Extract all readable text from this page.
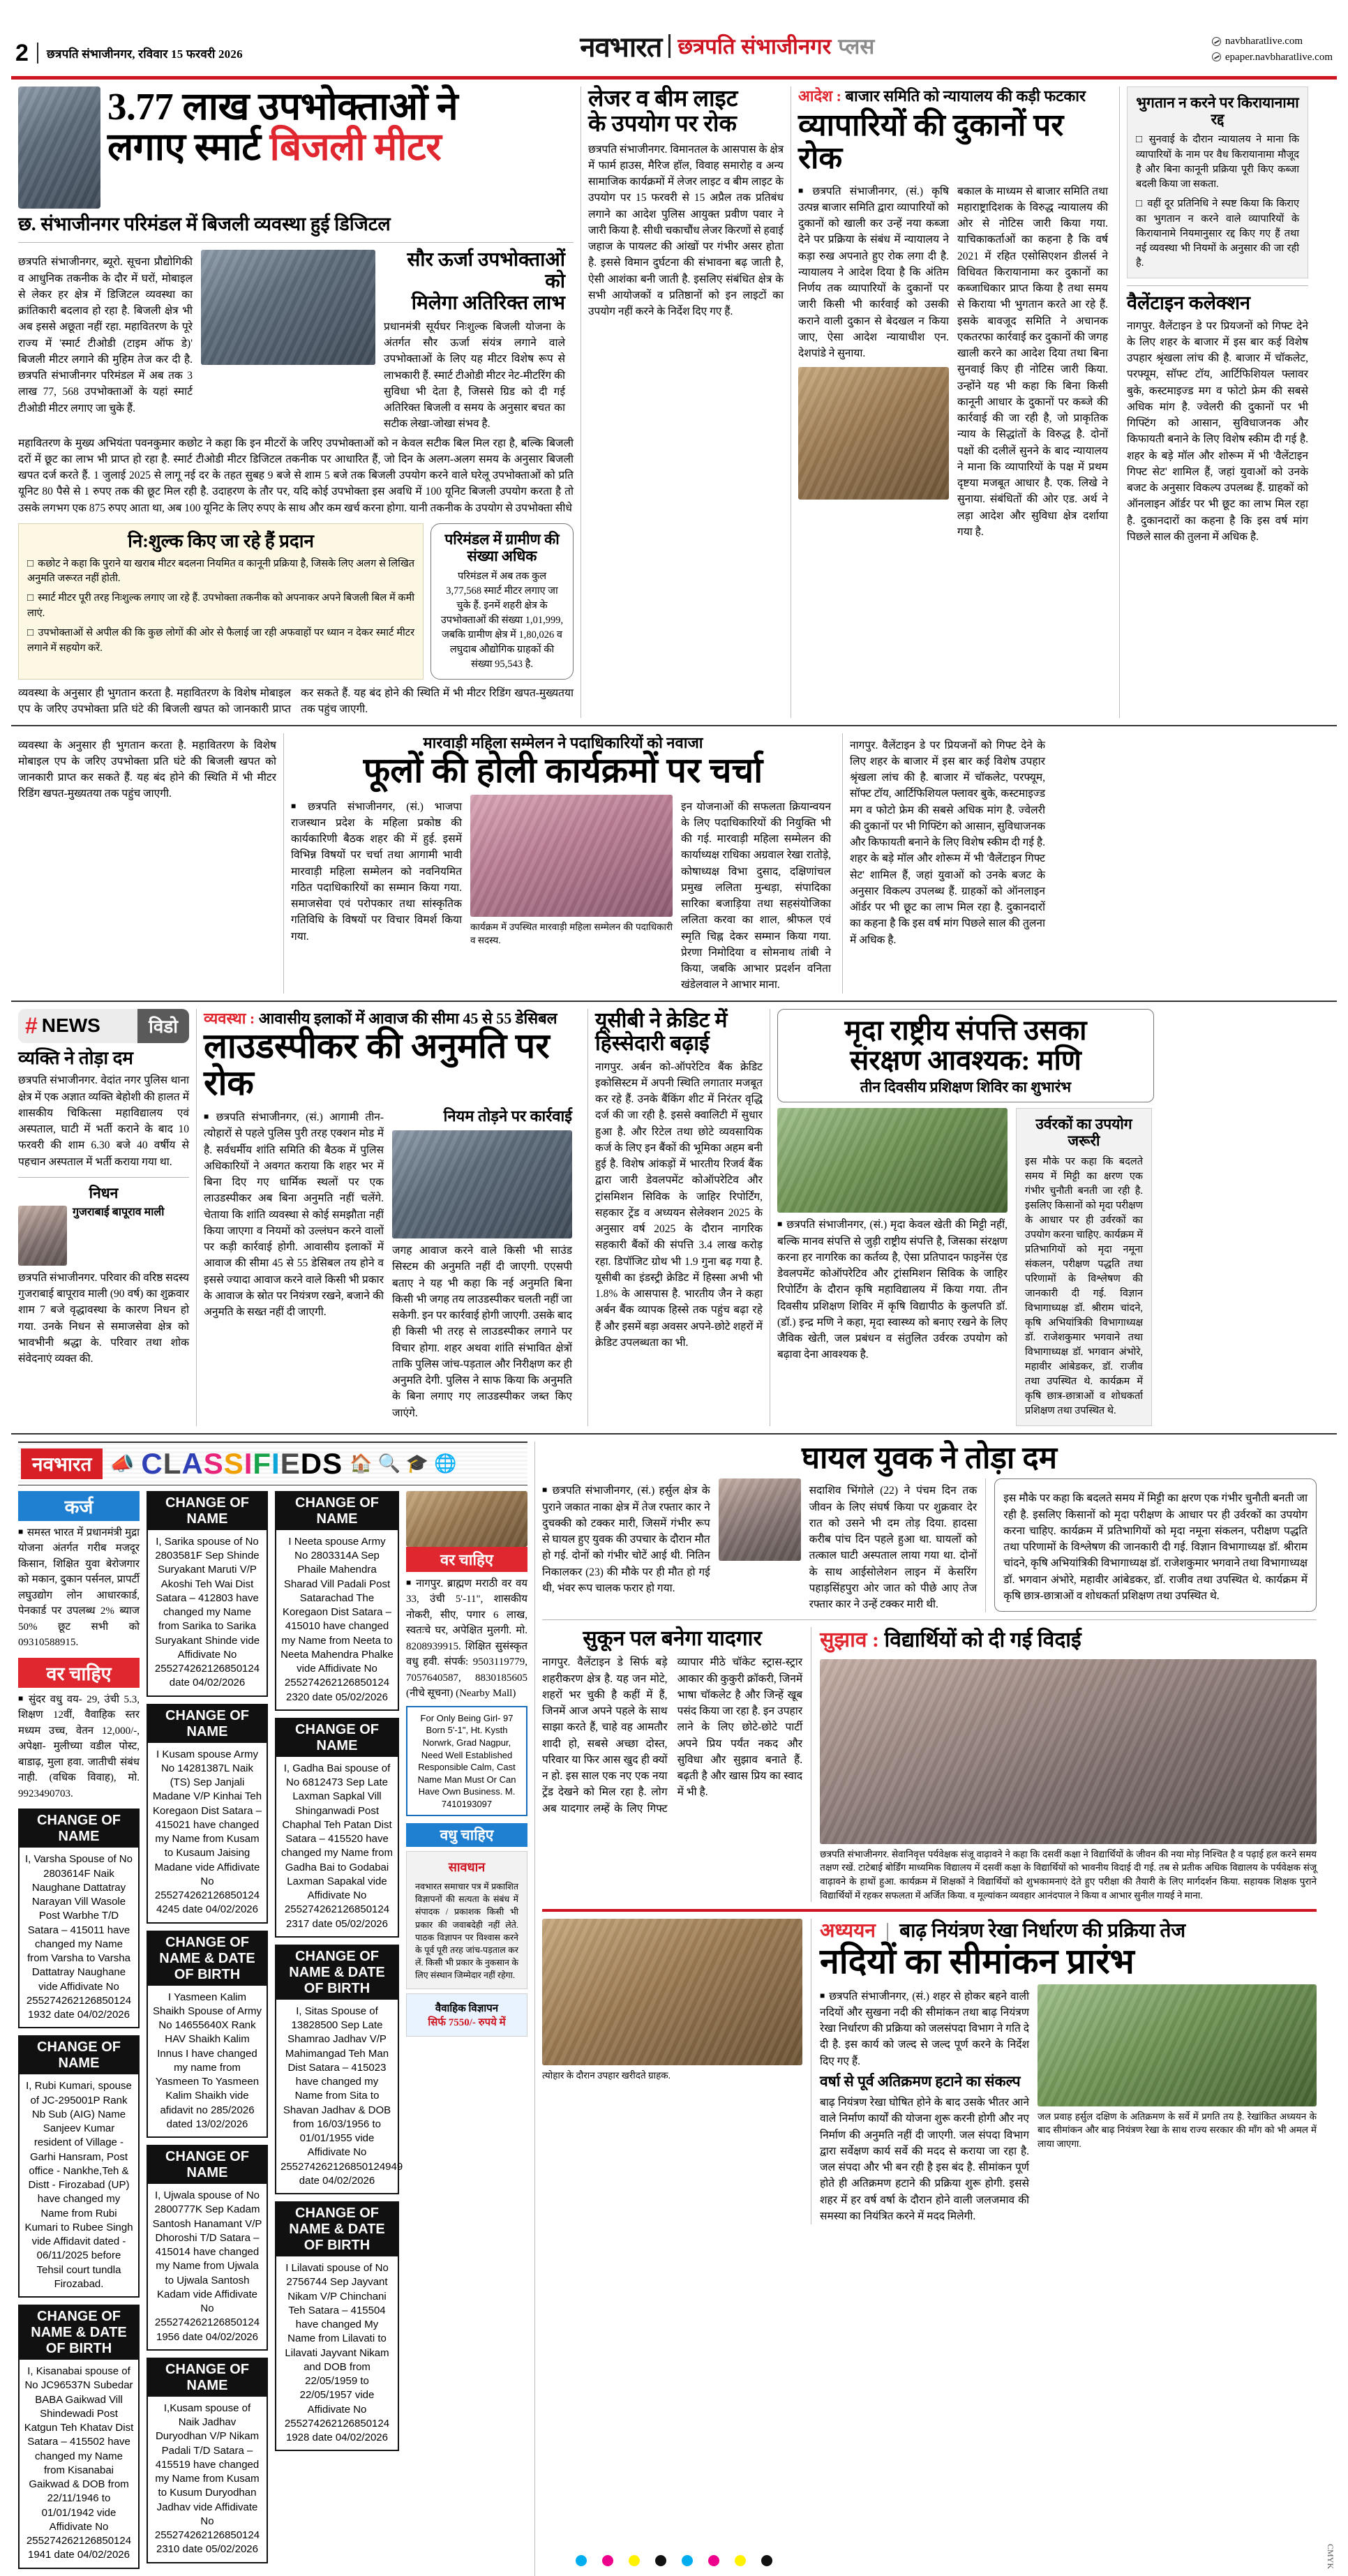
2 छत्रपति संभाजीनगर, रविवार 15 फरवरी 2026	नवभारत छत्रपति संभाजीनगर प्लस	navbharatlive.com
epaper.navbharatlive.com
3.77 लाख उपभोक्ताओं ने
लगाए स्मार्ट बिजली मीटर
छ. संभाजीनगर परिमंडल में बिजली व्यवस्था हुई डिजिटल
छत्रपति संभाजीनगर, ब्यूरो. सूचना प्रौद्योगिकी व आधुनिक तकनीक के दौर में घरों, मोबाइल से लेकर हर क्षेत्र में डिजिटल व्यवस्था का क्रांतिकारी बदलाव हो रहा है. बिजली क्षेत्र भी अब इससे अछूता नहीं रहा. महावितरण के पूरे राज्य में 'स्मार्ट टीओडी (टाइम ऑफ डे)' बिजली मीटर लगाने की मुहिम तेज कर दी है. छत्रपति संभाजीनगर परिमंडल में अब तक 3 लाख 77, 568 उपभोक्ताओं के यहां स्मार्ट टीओडी मीटर लगाए जा चुके हैं.
सौर ऊर्जा उपभोक्ताओं को
मिलेगा अतिरिक्त लाभ
प्रधानमंत्री सूर्यघर निःशुल्क बिजली योजना के अंतर्गत सौर ऊर्जा संयंत्र लगाने वाले उपभोक्ताओं के लिए यह मीटर विशेष रूप से लाभकारी हैं. स्मार्ट टीओडी मीटर नेट-मीटरिंग की सुविधा भी देता है, जिससे ग्रिड को दी गई अतिरिक्त बिजली व समय के अनुसार बचत का सटीक लेखा-जोखा संभव है.
महावितरण के मुख्य अभियंता पवनकुमार कछोट ने कहा कि इन मीटरों के जरिए उपभोक्ताओं को न केवल सटीक बिल मिल रहा है, बल्कि बिजली दरों में छूट का लाभ भी प्राप्त हो रहा है. स्मार्ट टीओडी मीटर डिजिटल तकनीक पर आधारित हैं, जो दिन के अलग-अलग समय के अनुसार बिजली खपत दर्ज करते हैं. 1 जुलाई 2025 से लागू नई दर के तहत सुबह 9 बजे से शाम 5 बजे तक बिजली उपयोग करने वाले घरेलू उपभोक्ताओं को प्रति यूनिट 80 पैसे से 1 रुपए तक की छूट मिल रही है. उदाहरण के तौर पर, यदि कोई उपभोक्ता इस अवधि में 100 यूनिट बिजली उपयोग करता है तो उसके लगभग एक 875 रुपए आता था, अब 100 यूनिट के लिए रुपए के साथ और कम खर्च करना होगा. यानी तकनीक के उपयोग से उपभोक्ता सीधे
नि:शुल्क किए जा रहे हैं प्रदान
□ कछोट ने कहा कि पुराने या खराब मीटर बदलना नियमित व कानूनी प्रक्रिया है, जिसके लिए अलग से लिखित अनुमति जरूरत नहीं होती.
□ स्मार्ट मीटर पूरी तरह निःशुल्क लगाए जा रहे हैं. उपभोक्ता तकनीक को अपनाकर अपने बिजली बिल में कमी लाएं.
□ उपभोक्ताओं से अपील की कि कुछ लोगों की ओर से फैलाई जा रही अफवाहों पर ध्यान न देकर स्मार्ट मीटर लगाने में सहयोग करें.
परिमंडल में ग्रामीण की संख्या अधिक
परिमंडल में अब तक कुल 3,77,568 स्मार्ट मीटर लगाए जा चुके हैं. इनमें शहरी क्षेत्र के उपभोक्ताओं की संख्या 1,01,999, जबकि ग्रामीण क्षेत्र में 1,80,026 व लघुदाब औद्योगिक ग्राहकों की संख्या 95,543 है.
व्यवस्था के अनुसार ही भुगतान करता है. महावितरण के विशेष मोबाइल एप के जरिए उपभोक्ता प्रति घंटे की बिजली खपत को जानकारी प्राप्त कर सकते हैं. यह बंद होने की स्थिति में भी मीटर रिडिंग खपत-मुख्यतया तक पहुंच जाएगी.
लेजर व बीम लाइट
के उपयोग पर रोक
छत्रपति संभाजीनगर. विमानतल के आसपास के क्षेत्र में फार्म हाउस, मैरिज हॉल, विवाह समारोह व अन्य सामाजिक कार्यक्रमों में लेजर लाइट व बीम लाइट के उपयोग पर 15 फरवरी से 15 अप्रैल तक प्रतिबंध लगाने का आदेश पुलिस आयुक्त प्रवीण पवार ने जारी किया है. सीधी चकाचौंध लेजर किरणों से हवाई जहाज के पायलट की आंखों पर गंभीर असर होता है. इससे विमान दुर्घटना की संभावना बढ़ जाती है, ऐसी आशंका बनी जाती है. इसलिए संबंधित क्षेत्र के सभी आयोजकों व प्रतिष्ठानों को इन लाइटों का उपयोग नहीं करने के निर्देश दिए गए हैं.
आदेश : बाजार समिति को न्यायालय की कड़ी फटकार
व्यापारियों की दुकानों पर रोक
■ छत्रपति संभाजीनगर, (सं.) कृषि उत्पन्न बाजार समिति द्वारा व्यापारियों को दुकानों को खाली कर उन्हें नया कब्जा देने पर प्रक्रिया के संबंध में न्यायालय ने कड़ा रुख अपनाते हुए रोक लगा दी है. न्यायालय ने आदेश दिया है कि अंतिम निर्णय तक व्यापारियों के दुकानों पर जारी किसी भी कार्रवाई को उसकी कराने वाली दुकान से बेदखल न किया जाए, ऐसा आदेश न्यायाधीश एन. देशपांडे ने सुनाया.
बकाल के माध्यम से बाजार समिति तथा महाराष्ट्रादिशक के विरुद्ध न्यायालय की ओर से नोटिस जारी किया गया. याचिकाकर्ताओं का कहना है कि वर्ष 2021 में रहित एसोसिएशन डीलर्स ने विधिवत किरायानामा कर दुकानों का कब्जाधिकार प्राप्त किया है तथा समय से किराया भी भुगतान करते आ रहे हैं. इसके बावजूद समिति ने अचानक एकतरफा कार्रवाई कर दुकानों की जगह खाली करने का आदेश दिया तथा बिना सुनवाई किए ही नोटिस जारी किया. उन्होंने यह भी कहा कि बिना किसी कानूनी आधार के दुकानों पर कब्जे की कार्रवाई की जा रही है, जो प्राकृतिक न्याय के सिद्धांतों के विरुद्ध है. दोनों पक्षों की दलीलें सुनने के बाद न्यायालय ने माना कि व्यापारियों के पक्ष में प्रथम दृष्टया मजबूत आधार है. एक. लिखे ने सुनाया. संबंधितों की ओर एड. अर्थ ने लड़ा आदेश और सुविधा क्षेत्र दर्शाया गया है.
भुगतान न करने पर किरायानामा रद्द
□ सुनवाई के दौरान न्यायालय ने माना कि व्यापारियों के नाम पर वैध किरायानामा मौजूद है और बिना कानूनी प्रक्रिया पूरी किए कब्जा बदली किया जा सकता.
□ वहीं दूर प्रतिनिधि ने स्पष्ट किया कि किराए का भुगतान न करने वाले व्यापारियों के किरायानामे नियमानुसार रद्द किए गए हैं तथा नई व्यवस्था भी नियमों के अनुसार की जा रही है.
वैलेंटाइन कलेक्शन
नागपुर. वैलेंटाइन डे पर प्रियजनों को गिफ्ट देने के लिए शहर के बाजार में इस बार कई विशेष उपहार श्रृंखला लांच की है. बाजार में चॉकलेट, परफ्यूम, सॉफ्ट टॉय, आर्टिफिशियल फ्लावर बुके, कस्टमाइज्ड मग व फोटो फ्रेम की सबसे अधिक मांग है. ज्वेलरी की दुकानों पर भी गिफ्टिंग को आसान, सुविधाजनक और किफायती बनाने के लिए विशेष स्कीम दी गई है. शहर के बड़े मॉल और शोरूम में भी 'वैलेंटाइन गिफ्ट सेट' शामिल हैं, जहां युवाओं को उनके बजट के अनुसार विकल्प उपलब्ध हैं. ग्राहकों को ऑनलाइन ऑर्डर पर भी छूट का लाभ मिल रहा है. दुकानदारों का कहना है कि इस वर्ष मांग पिछले साल की तुलना में अधिक है.
व्यवस्था के अनुसार ही भुगतान करता है. महावितरण के विशेष मोबाइल एप के जरिए उपभोक्ता प्रति घंटे की बिजली खपत को जानकारी प्राप्त कर सकते हैं. यह बंद होने की स्थिति में भी मीटर रिडिंग खपत-मुख्यतया तक पहुंच जाएगी.
मारवाड़ी महिला सम्मेलन ने पदाधिकारियों को नवाजा
फूलों की होली कार्यक्रमों पर चर्चा
■ छत्रपति संभाजीनगर, (सं.) भाजपा राजस्थान प्रदेश के महिला प्रकोष्ठ की कार्यकारिणी बैठक शहर की में हुई. इसमें विभिन्न विषयों पर चर्चा तथा आगामी भावी मारवाड़ी महिला सम्मेलन को नवनियमित गठित पदाधिकारियों का सम्मान किया गया. समाजसेवा एवं परोपकार तथा सांस्कृतिक गतिविधि के विषयों पर विचार विमर्श किया गया.
कार्यक्रम में उपस्थित मारवाड़ी महिला सम्मेलन की पदाधिकारी व सदस्य.
इन योजनाओं की सफलता क्रियान्वयन के लिए पदाधिकारियों की नियुक्ति भी की गई. मारवाड़ी महिला सम्मेलन की कार्याध्यक्ष राधिका अग्रवाल रेखा रातोड़े, कोषाध्यक्ष विभा दुसाद, दक्षिणांचल प्रमुख ललिता मुन्धड़ा, संपादिका सारिका बजाड़िया तथा सहसंयोजिका ललिता करवा का शाल, श्रीफल एवं स्मृति चिह्न देकर सम्मान किया गया. प्रेरणा निमोदिया व सोमनाथ तांबी ने किया, जबकि आभार प्रदर्शन वनिता खंडेलवाल ने आभार माना.
नागपुर. वैलेंटाइन डे पर प्रियजनों को गिफ्ट देने के लिए शहर के बाजार में इस बार कई विशेष उपहार श्रृंखला लांच की है. बाजार में चॉकलेट, परफ्यूम, सॉफ्ट टॉय, आर्टिफिशियल फ्लावर बुके, कस्टमाइज्ड मग व फोटो फ्रेम की सबसे अधिक मांग है. ज्वेलरी की दुकानों पर भी गिफ्टिंग को आसान, सुविधाजनक और किफायती बनाने के लिए विशेष स्कीम दी गई है. शहर के बड़े मॉल और शोरूम में भी 'वैलेंटाइन गिफ्ट सेट' शामिल हैं, जहां युवाओं को उनके बजट के अनुसार विकल्प उपलब्ध हैं. ग्राहकों को ऑनलाइन ऑर्डर पर भी छूट का लाभ मिल रहा है. दुकानदारों का कहना है कि इस वर्ष मांग पिछले साल की तुलना में अधिक है.
# NEWS	विडो
व्यक्ति ने तोड़ा दम
छत्रपति संभाजीनगर. वेदांत नगर पुलिस थाना क्षेत्र में एक अज्ञात व्यक्ति बेहोशी की हालत में शासकीय चिकित्सा महाविद्यालय एवं अस्पताल, घाटी में भर्ती कराने के बाद 10 फरवरी की शाम 6.30 बजे 40 वर्षीय से पहचान अस्पताल में भर्ती कराया गया था.
निधन
गुजराबाई बापूराव माली
छत्रपति संभाजीनगर. परिवार की वरिष्ठ सदस्य गुजराबाई बापूराव माली (90 वर्ष) का शुक्रवार शाम 7 बजे वृद्धावस्था के कारण निधन हो गया. उनके निधन से समाजसेवा क्षेत्र को भावभीनी श्रद्धा के. परिवार तथा शोक संवेदनाएं व्यक्त की.
व्यवस्था : आवासीय इलाकों में आवाज की सीमा 45 से 55 डेसिबल
लाउडस्पीकर की अनुमति पर रोक
■ छत्रपति संभाजीनगर, (सं.) आगामी तीन-त्योहारों से पहले पुलिस पुरी तरह एक्शन मोड में है. सर्वधर्मीय शांति समिति की बैठक में पुलिस अधिकारियों ने अवगत कराया कि शहर भर में बिना दिए गए धार्मिक स्थलों पर एक लाउडस्पीकर अब बिना अनुमति नहीं चलेंगे. चेताया कि शांति व्यवस्था से कोई समझौता नहीं किया जाएगा व नियमों को उल्लंघन करने वालों पर कड़ी कार्रवाई होगी. आवासीय इलाकों में आवाज की सीमा 45 से 55 डेसिबल तय होने व इससे ज्यादा आवाज करने वाले किसी भी प्रकार के आवाज के स्रोत पर नियंत्रण रखने, बजाने की अनुमति के सख्त नहीं दी जाएगी.
नियम तोड़ने पर कार्रवाई
जगह आवाज करने वाले किसी भी साउंड सिस्टम की अनुमति नहीं दी जाएगी. एएसपी बताए ने यह भी कहा कि नई अनुमति बिना किसी भी जगह तय लाउडस्पीकर चलती नहीं जा सकेगी. इन पर कार्रवाई होगी जाएगी. उसके बाद ही किसी भी तरह से लाउडस्पीकर लगाने पर विचार होगा. शहर अथवा शांति संभावित क्षेत्रों ताकि पुलिस जांच-पड़ताल और निरीक्षण कर ही अनुमति देगी. पुलिस ने साफ किया कि अनुमति के बिना लगाए गए लाउडस्पीकर जब्त किए जाएंगे.
यूसीबी ने क्रेडिट में
हिस्सेदारी बढ़ाई
नागपुर. अर्बन को-ऑपरेटिव बैंक क्रेडिट इकोसिस्टम में अपनी स्थिति लगातार मजबूत कर रहे हैं. उनके बैंकिंग शीट में निरंतर वृद्धि दर्ज की जा रही है. इससे क्वालिटी में सुधार हुआ है. और रिटेल तथा छोटे व्यवसायिक कर्ज के लिए इन बैंकों की भूमिका अहम बनी हुई है. विशेष आंकड़ों में भारतीय रिजर्व बैंक द्वारा जारी डेवलपमेंट कोऑपरेटिव और ट्रांसमिशन सिविक के जाहिर रिपोर्टिंग, सहकार ट्रेंड व अध्ययन सेलेक्शन 2025 के अनुसार वर्ष 2025 के दौरान नागरिक सहकारी बैंकों की संपत्ति 3.4 लाख करोड़ रहा. डिपॉजिट ग्रोथ भी 1.9 गुना बढ़ गया है. यूसीबी का इंडस्ट्री क्रेडिट में हिस्सा अभी भी 1.8% के आसपास है. भारतीय जैन ने कहा अर्बन बैंक व्यापक हिस्से तक पहुंच बढ़ा रहे हैं और इसमें बड़ा अवसर अपने-छोटे शहरों में क्रेडिट उपलब्धता का भी.
मृदा राष्ट्रीय संपत्ति उसका
संरक्षण आवश्यक: मणि
तीन दिवसीय प्रशिक्षण शिविर का शुभारंभ
■ छत्रपति संभाजीनगर, (सं.) मृदा केवल खेती की मिट्टी नहीं, बल्कि मानव संपत्ति से जुड़ी राष्ट्रीय संपत्ति है, जिसका संरक्षण करना हर नागरिक का कर्तव्य है, ऐसा प्रतिपादन फाइनेंस एंड डेवलपमेंट कोऑपरेटिव और ट्रांसमिशन सिविक के जाहिर रिपोर्टिंग के दौरान कृषि महाविद्यालय में किया गया. तीन दिवसीय प्रशिक्षण शिविर में कृषि विद्यापीठ के कुलपति डॉ. (डॉ.) इन्द्र मणि ने कहा, मृदा स्वास्थ्य को बनाए रखने के लिए जैविक खेती, जल प्रबंधन व संतुलित उर्वरक उपयोग को बढ़ावा देना आवश्यक है.
उर्वरकों का उपयोग जरूरी
इस मौके पर कहा कि बदलते समय में मिट्टी का क्षरण एक गंभीर चुनौती बनती जा रही है. इसलिए किसानों को मृदा परीक्षण के आधार पर ही उर्वरकों का उपयोग करना चाहिए. कार्यक्रम में प्रतिभागियों को मृदा नमूना संकलन, परीक्षण पद्धति तथा परिणामों के विश्लेषण की जानकारी दी गई. विज्ञान विभागाध्यक्ष डॉ. श्रीराम चांदने, कृषि अभियांत्रिकी विभागाध्यक्ष डॉ. राजेशकुमार भगवाने तथा विभागाध्यक्ष डॉ. भगवान अंभोरे, महावीर आंबेडकर, डॉ. राजीव तथा उपस्थित थे. कार्यक्रम में कृषि छात्र-छात्राओं व शोधकर्ता प्रशिक्षण तथा उपस्थित थे.
नवभारत 📣 CLASSIFIEDS 🏠 🔍 🎓 🌐
कर्ज
■ समस्त भारत में प्रधानमंत्री मुद्रा योजना अंतर्गत गरीब मजदूर किसान, शिक्षित युवा बेरोजगार को मकान, दुकान पर्सनल, प्रापर्टी लघुउद्योग लोन आधारकार्ड, पेनकार्ड पर उपलब्ध 2% ब्याज 50% छूट सभी को 09310588915.
वर चाहिए
■ सुंदर वधु वय- 29, उंची 5.3, शिक्षण 12वीं, वैवाहिक स्तर मध्यम उच्च, वेतन 12,000/-, अपेक्षा- मुलीच्या वडील पोस्ट, बाडाढ़, मुला हवा. जातीची संबंध नाही. (वधिक विवाह), मो. 9923490703.
CHANGE OF NAME
I, Varsha Spouse of No 2803614F Naik Naughane Dattatray Narayan Vill Wasole Post Warbhe T/D Satara – 415011 have changed my Name from Varsha to Varsha Dattatray Naughane vide Affidivate No 255274262126850124 1932 date 04/02/2026
CHANGE OF NAME
I, Rubi Kumari, spouse of JC-295001P Rank Nb Sub (AIG) Name Sanjeev Kumar resident of Village - Garhi Hansram, Post office - Nankhe,Teh & Distt - Firozabad (UP) have changed my Name from Rubi Kumari to Rubee Singh vide Affidavit dated - 06/11/2025 before Tehsil court tundla Firozabad.
CHANGE OF NAME & DATE OF BIRTH
I, Kisanabai spouse of No JC96537N Subedar BABA Gaikwad Vill Shindewadi Post Katgun Teh Khatav Dist Satara – 415502 have changed my Name from Kisanabai Gaikwad & DOB from 22/11/1946 to 01/01/1942 vide Affidivate No 255274262126850124 1941 date 04/02/2026
CHANGE OF NAME
I, Sarika spouse of No 2803581F Sep Shinde Suryakant Maruti V/P Akoshi Teh Wai Dist Satara – 412803 have changed my Name from Sarika to Sarika Suryakant Shinde vide Affidivate No 255274262126850124 date 04/02/2026
CHANGE OF NAME
I Kusam spouse Army No 14281387L Naik (TS) Sep Janjali Madane V/P Kinhai Teh Koregaon Dist Satara – 415021 have changed my Name from Kusam to Kusaum Jaising Madane vide Affidivate No 255274262126850124 4245 date 04/02/2026
CHANGE OF NAME & DATE OF BIRTH
I Yasmeen Kalim Shaikh Spouse of Army No 14655640X Rank HAV Shaikh Kalim Innus I have changed my name from Yasmeen To Yasmeen Kalim Shaikh vide afidavit no 285/2026 dated 13/02/2026
CHANGE OF NAME
I, Ujwala spouse of No 2800777K Sep Kadam Santosh Hanamant V/P Dhoroshi T/D Satara – 415014 have changed my Name from Ujwala to Ujwala Santosh Kadam vide Affidivate No 255274262126850124 1956 date 04/02/2026
CHANGE OF NAME
I,Kusam spouse of Naik Jadhav Duryodhan V/P Nikam Padali T/D Satara – 415519 have changed my Name from Kusam to Kusum Duryodhan Jadhav vide Affidivate No 255274262126850124 2310 date 05/02/2026
CHANGE OF NAME
I Neeta spouse Army No 2803314A Sep Phaile Mahendra Sharad Vill Padali Post Satarachad The Koregaon Dist Satara – 415010 have changed my Name from Neeta to Neeta Mahendra Phalke vide Affidivate No 255274262126850124 2320 date 05/02/2026
CHANGE OF NAME
I, Gadha Bai spouse of No 6812473 Sep Late Laxman Sapkal Vill Shinganwadi Post Chaphal Teh Patan Dist Satara – 415520 have changed my Name from Gadha Bai to Godabai Laxman Sapakal vide Affidivate No 255274262126850124 2317 date 05/02/2026
CHANGE OF NAME & DATE OF BIRTH
I, Sitas Spouse of 13828500 Sep Late Shamrao Jadhav V/P Mahimangad Teh Man Dist Satara – 415023 have changed my Name from Sita to Shavan Jadhav & DOB from 16/03/1956 to 01/01/1955 vide Affidivate No 255274262126850124949 date 04/02/2026
CHANGE OF NAME & DATE OF BIRTH
I Lilavati spouse of No 2756744 Sep Jayvant Nikam V/P Chinchani Teh Satara – 415504 have changed My Name from Lilavati to Lilavati Jayvant Nikam and DOB from 22/05/1959 to 22/05/1957 vide Affidivate No 255274262126850124 1928 date 04/02/2026
वर चाहिए
■ नागपुर. ब्राह्मण मराठी वर वय 33, उंची 5'-11", शासकीय नोकरी, सीए, पगार 6 लाख, स्वतःचे घर, अपेक्षित मुलगी. मो. 8208939915. शिक्षित सुसंस्कृत वधु हवी. संपर्क: 9503119779, 7057640587, 8830185605 (नीचे सूचना) (Nearby Mall)
For Only Being Girl- 97 Born 5'-1", Ht. Kysth Norwrk, Grad Nagpur, Need Well Established Responsible Calm, Cast Name Man Must Or Can Have Own Business. M. 7410193097
वधु चाहिए
सावधान
नवभारत समाचार पत्र में प्रकाशित विज्ञापनों की सत्यता के संबंध में संपादक / प्रकाशक किसी भी प्रकार की जवाबदेही नहीं लेते. पाठक विज्ञापन पर विश्वास करने के पूर्व पूरी तरह जांच-पड़ताल कर लें. किसी भी प्रकार के नुकसान के लिए संस्थान जिम्मेदार नहीं रहेगा.
वैवाहिक विज्ञापन
सिर्फ 7550/- रुपये में
घायल युवक ने तोड़ा दम
■ छत्रपति संभाजीनगर, (सं.) हर्सुल क्षेत्र के पुराने जकात नाका क्षेत्र में तेज रफ्तार कार ने दुचक्की को टक्कर मारी, जिसमें गंभीर रूप से घायल हुए युवक की उपचार के दौरान मौत हो गई. दोनों को गंभीर चोटें आई थी. नितिन निकालकर (23) की मौके पर ही मौत हो गई थी, भंवर रूप चालक फरार हो गया.
सदाशिव भिंगोले (22) ने पंचम दिन तक जीवन के लिए संघर्ष किया पर शुक्रवार देर रात को उसने भी दम तोड़ दिया. हादसा करीब पांच दिन पहले हुआ था. घायलों को तत्काल घाटी अस्पताल लाया गया था. दोनों के साथ आईसोलेशन लाइन में केसरिंग पहाड़सिंहपुरा ओर जात को पीछे आए तेज रफ्तार कार ने उन्हें टक्कर मारी थी.
इस मौके पर कहा कि बदलते समय में मिट्टी का क्षरण एक गंभीर चुनौती बनती जा रही है. इसलिए किसानों को मृदा परीक्षण के आधार पर ही उर्वरकों का उपयोग करना चाहिए. कार्यक्रम में प्रतिभागियों को मृदा नमूना संकलन, परीक्षण पद्धति तथा परिणामों के विश्लेषण की जानकारी दी गई. विज्ञान विभागाध्यक्ष डॉ. श्रीराम चांदने, कृषि अभियांत्रिकी विभागाध्यक्ष डॉ. राजेशकुमार भगवाने तथा विभागाध्यक्ष डॉ. भगवान अंभोरे, महावीर आंबेडकर, डॉ. राजीव तथा उपस्थित थे. कार्यक्रम में कृषि छात्र-छात्राओं व शोधकर्ता प्रशिक्षण तथा उपस्थित थे.
सुकून पल बनेगा यादगार
नागपुर. वैलेंटाइन डे सिर्फ बड़े शहरीकरण क्षेत्र है. यह जन मोटे, शहरों भर चुकी है कहीं में हैं, जिनमें आज अपने पहले के साथ साझा करते हैं, चाहे वह आमतौर शादी हो, सबसे अच्छा दोस्त, परिवार या फिर आस खुद ही क्यों न हो. इस साल एक नए एक नया ट्रेंड देखने को मिल रहा है. लोग अब यादगार लम्हें के लिए गिफ्ट व्यापार मीठे चॉकेट स्ट्रास-स्ट्रार आकार की कुकुरी क्रॉकरी, जिनमें भाषा चॉकलेट है और जिन्हें खूब पसंद किया जा रहा है. इन उपहार लाने के लिए छोटे-छोटे पार्टी अपने प्रिय पर्यंत नकद और सुविधा और सुझाव बनाते हैं. बढ़ती है और खास प्रिय का स्वाद में भी है.
सुझाव : विद्यार्थियों को दी गई विदाई
छत्रपति संभाजीनगर. सेवानिवृत्त पर्यवेक्षक संजू वाढ़ावने ने कहा कि दसवीं कक्षा ने विद्यार्थियों के जीवन की नया मोड़ निश्चित है व पढ़ाई हल करने समय तक्षण रखें. टाटेबाई बोर्डिंग माध्यमिक विद्यालय में दसवीं कक्षा के विद्यार्थियों को भावनीय विदाई दी गई. तब से प्रतीक अधिक विद्यालय के पर्यवेक्षक संजू वाढ़ावने के हाथों हुआ. कार्यक्रम में शिक्षकों ने विद्यार्थियों को शुभकामनाएं देते हुए परीक्षा की तैयारी के लिए मार्गदर्शन किया. सहायक शिक्षक पुराने विद्यार्थियों में रहकर सफलता में अर्जित किया. व मूल्यांकन व्यवहार आनंदपाल ने किया व आभार सुनील गायई ने माना.
त्योहार के दौरान उपहार खरीदते ग्राहक.
अध्ययन  |  बाढ़ नियंत्रण रेखा निर्धारण की प्रक्रिया तेज
नदियों का सीमांकन प्रारंभ
■ छत्रपति संभाजीनगर, (सं.) शहर से होकर बहने वाली नदियों और सुखना नदी की सीमांकन तथा बाढ़ नियंत्रण रेखा निर्धारण की प्रक्रिया को जलसंपदा विभाग ने गति दे दी है. इस कार्य को जल्द से जल्द पूर्ण करने के निर्देश दिए गए हैं.
वर्षा से पूर्व अतिक्रमण हटाने का संकल्प
बाढ़ नियंत्रण रेखा घोषित होने के बाद उसके भीतर आने वाले निर्माण कार्यों की योजना शुरू करनी होगी और नए निर्माण की अनुमति नहीं दी जाएगी. जल संपदा विभाग द्वारा सर्वेक्षण कार्य सर्वे की मदद से कराया जा रहा है. जल संपदा और भी बन रही है इस बंद है. सीमांकन पूर्ण होते ही अतिक्रमण हटाने की प्रक्रिया शुरू होगी. इससे शहर में हर वर्ष वर्षा के दौरान होने वाली जलजमाव की समस्या का नियंत्रित करने में मदद मिलेगी.
जल प्रवाह हर्सुल दक्षिण के अतिक्रमण के सर्वे में प्रगति तय है. रेखांकित अध्ययन के बाद सीमांकन और बाढ़ नियंत्रण रेखा के साथ राज्य सरकार की माँग को भी अमल में लाया जाएगा.
CMYK
